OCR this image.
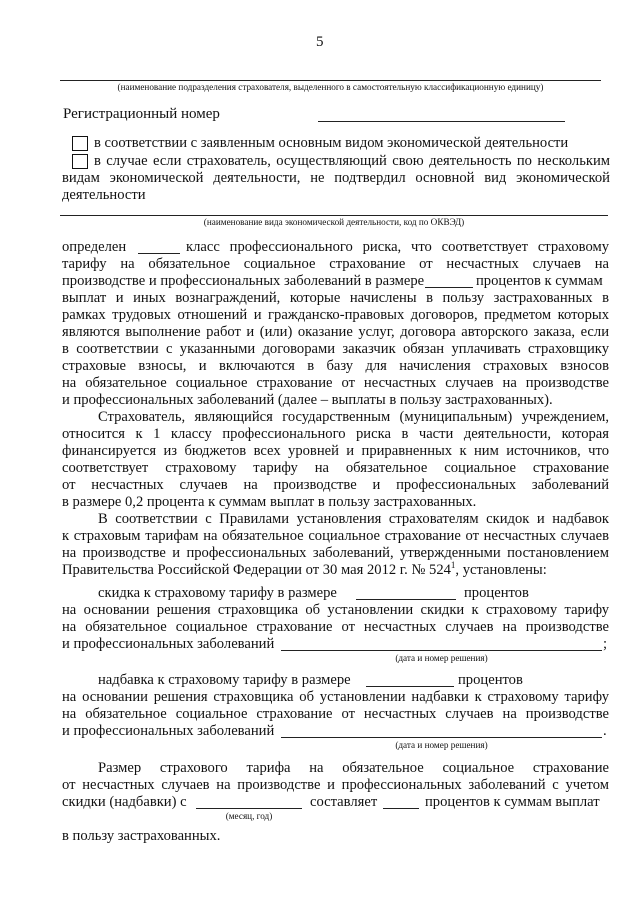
5
(наименование подразделения страхователя, выделенного в самостоятельную классификационную единицу)
Регистрационный номер
в соответствии с заявленным основным видом экономической деятельности
в случае если страхователь, осуществляющий свою деятельность по нескольким
видам экономической деятельности, не подтвердил основной вид экономической
деятельности
(наименование вида экономической деятельности, код по ОКВЭД)
определен	класс профессионального риска, что соответствует страховому
тарифу на обязательное социальное страхование от несчастных случаев на
производстве и профессиональных заболеваний в размере	процентов к суммам
выплат и иных вознаграждений, которые начислены в пользу застрахованных в
рамках трудовых отношений и гражданско-правовых договоров, предметом которых
являются выполнение работ и (или) оказание услуг, договора авторского заказа, если
в соответствии с указанными договорами заказчик обязан уплачивать страховщику
страховые взносы, и включаются в базу для начисления страховых взносов
на обязательное социальное страхование от несчастных случаев на производстве
и профессиональных заболеваний (далее – выплаты в пользу застрахованных).
Страхователь, являющийся государственным (муниципальным) учреждением,
относится к 1 классу профессионального риска в части деятельности, которая
финансируется из бюджетов всех уровней и приравненных к ним источников, что
соответствует страховому тарифу на обязательное социальное страхование
от несчастных случаев на производстве и профессиональных заболеваний
в размере 0,2 процента к суммам выплат в пользу застрахованных.
В соответствии с Правилами установления страхователям скидок и надбавок
к страховым тарифам на обязательное социальное страхование от несчастных случаев
на производстве и профессиональных заболеваний, утвержденными постановлением
Правительства Российской Федерации от 30 мая 2012 г. № $524^1$, установлены:
скидка к страховому тарифу в размере	процентов
на основании решения страховщика об установлении скидки к страховому тарифу
на обязательное социальное страхование от несчастных случаев на производстве
и профессиональных заболеваний	;
(дата и номер решения)
надбавка к страховому тарифу в размере	процентов
на основании решения страховщика об установлении надбавки к страховому тарифу
на обязательное социальное страхование от несчастных случаев на производстве
и профессиональных заболеваний	.
(дата и номер решения)
Размер страхового тарифа на обязательное социальное страхование
от несчастных случаев на производстве и профессиональных заболеваний с учетом
скидки (надбавки) с	составляет	процентов к суммам выплат
(месяц, год)
в пользу застрахованных.
